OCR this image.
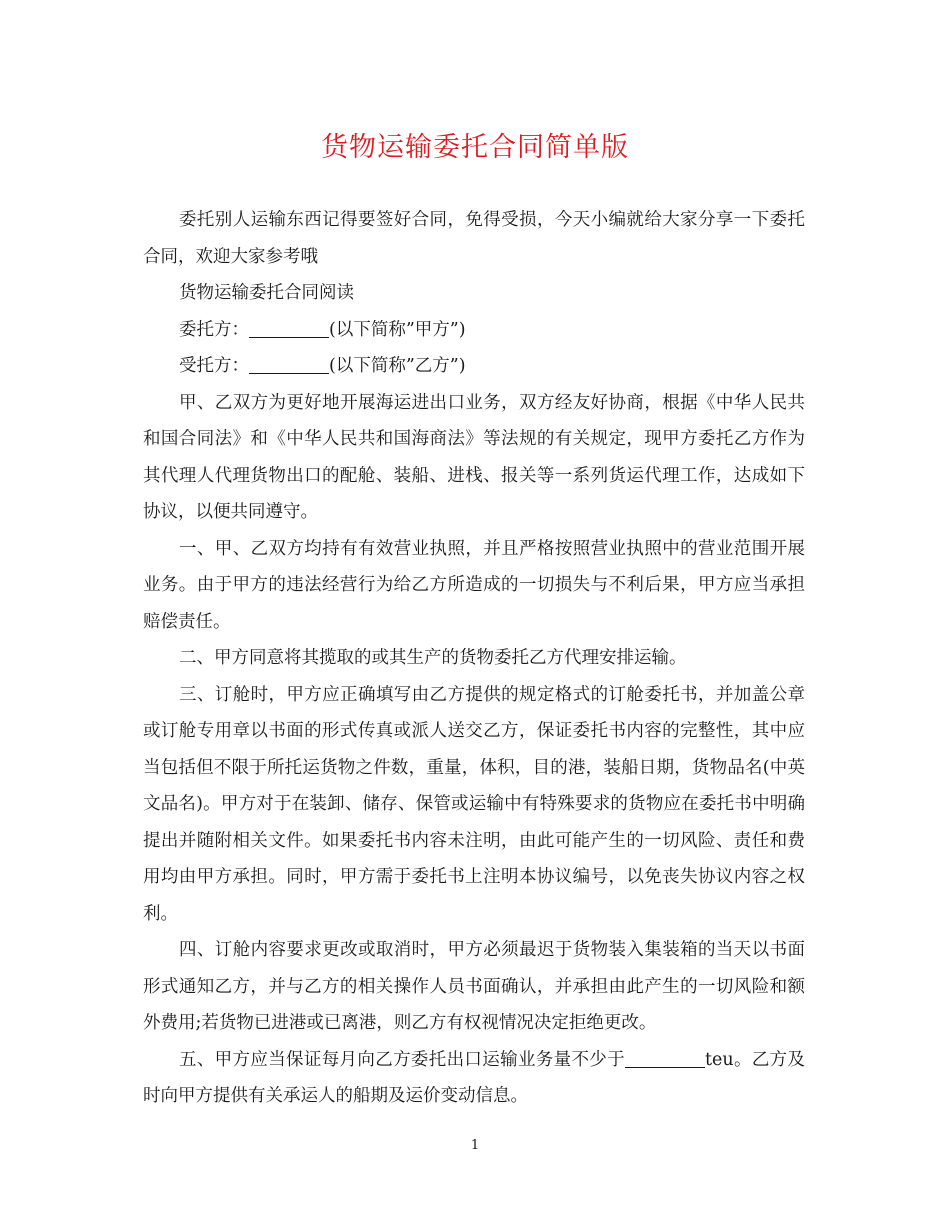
货物运输委托合同简单版

委托别人运输东西记得要签好合同，免得受损，今天小编就给大家分享一下委托合同，欢迎大家参考哦

货物运输委托合同阅读

委托方：	(以下简称”甲方”)

受托方：	(以下简称”乙方”)

甲、乙双方为更好地开展海运进出口业务，双方经友好协商，根据《中华人民共和国合同法》和《中华人民共和国海商法》等法规的有关规定，现甲方委托乙方作为其代理人代理货物出口的配舱、装船、进栈、报关等一系列货运代理工作，达成如下协议，以便共同遵守。

一、甲、乙双方均持有有效营业执照，并且严格按照营业执照中的营业范围开展业务。由于甲方的违法经营行为给乙方所造成的一切损失与不利后果，甲方应当承担赔偿责任。

二、甲方同意将其揽取的或其生产的货物委托乙方代理安排运输。

三、订舱时，甲方应正确填写由乙方提供的规定格式的订舱委托书，并加盖公章或订舱专用章以书面的形式传真或派人送交乙方，保证委托书内容的完整性，其中应当包括但不限于所托运货物之件数，重量，体积，目的港，装船日期，货物品名(中英文品名)。甲方对于在装卸、储存、保管或运输中有特殊要求的货物应在委托书中明确提出并随附相关文件。如果委托书内容未注明，由此可能产生的一切风险、责任和费用均由甲方承担。同时，甲方需于委托书上注明本协议编号，以免丧失协议内容之权利。

四、订舱内容要求更改或取消时，甲方必须最迟于货物装入集装箱的当天以书面形式通知乙方，并与乙方的相关操作人员书面确认，并承担由此产生的一切风险和额外费用;若货物已进港或已离港，则乙方有权视情况决定拒绝更改。

五、甲方应当保证每月向乙方委托出口运输业务量不少于	teu。乙方及时向甲方提供有关承运人的船期及运价变动信息。

1
